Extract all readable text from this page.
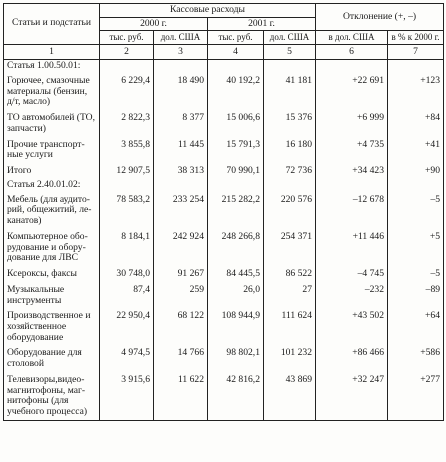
Статьи и подстатьи	Кассовые расходы				Отклонение (+, –)	
	2000 г.		2001 г.			
	тыс. руб.	дол. США	тыс. руб.	дол. США	в дол. США	в % к 2000 г.
1	2	3	4	5	6	7
Статья 1.00.50.01:						
Горючее, смазочные материалы (бензин, д/т, масло)	6 229,4	18 490	40 192,2	41 181	+22 691	+123
ТО автомобилей (ТО, запчасти)	2 822,3	8 377	15 006,6	15 376	+6 999	+84
Прочие транспорт-ные услуги	3 855,8	11 445	15 791,3	16 180	+4 735	+41
Итого	12 907,5	38 313	70 990,1	72 736	+34 423	+90
Статья 2.40.01.02:						
Мебель (для аудито-рий, общежитий, ле-канатов)	78 583,2	233 254	215 282,2	220 576	–12 678	–5
Компьютерное обо-рудование и обору-дование для ЛВС	8 184,1	242 924	248 266,8	254 371	+11 446	+5
Ксероксы, факсы	30 748,0	91 267	84 445,5	86 522	–4 745	–5
Музыкальные инструменты	87,4	259	26,0	27	–232	–89
Производственное и хозяйственное оборудование	22 950,4	68 122	108 944,9	111 624	+43 502	+64
Оборудование для столовой	4 974,5	14 766	98 802,1	101 232	+86 466	+586
Телевизоры,видео-магнитофоны, маг-нитофоны (для учебного процесса)	3 915,6	11 622	42 816,2	43 869	+32 247	+277
